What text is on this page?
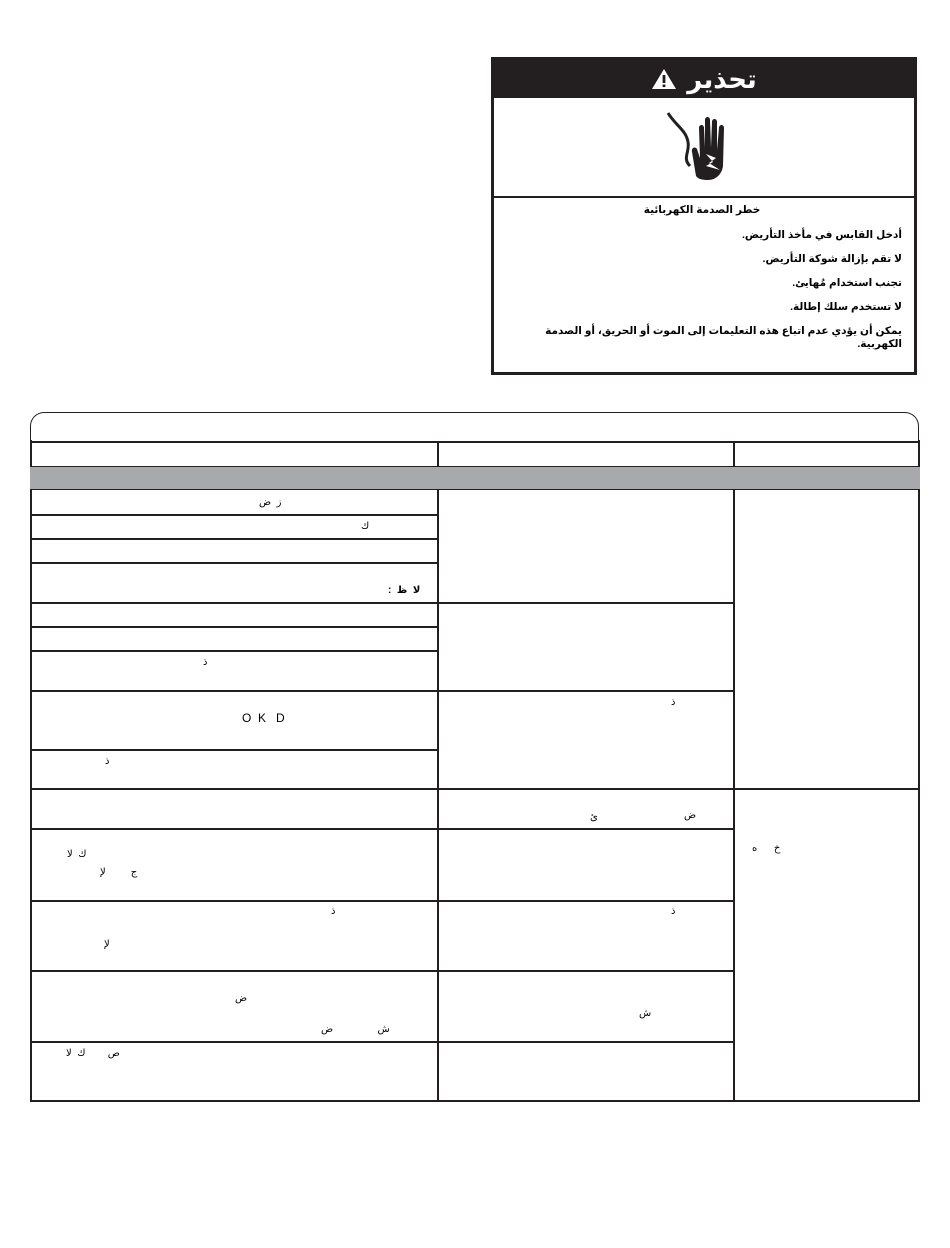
تحذير
خطر الصدمة الكهربائية
أدخل القابس في مأخذ التأريض.
لا تقم بإزالة شوكة التأريض.
تجنب استخدام مُهايئ.
لا تستخدم سلك إطالة.
يمكن أن يؤدي عدم اتباع هذه التعليمات إلى الموت أو الحريق، أو الصدمة الكهربية.
ز  ض
ك
لا  ظ  :
ذ
O  K   D
ذ
ذ
ض
ئ
ك  لا
ج         لإ
ذ
لإ
ذ
ض
ش                ض
ش
ص        ك  لا
خ      ه
